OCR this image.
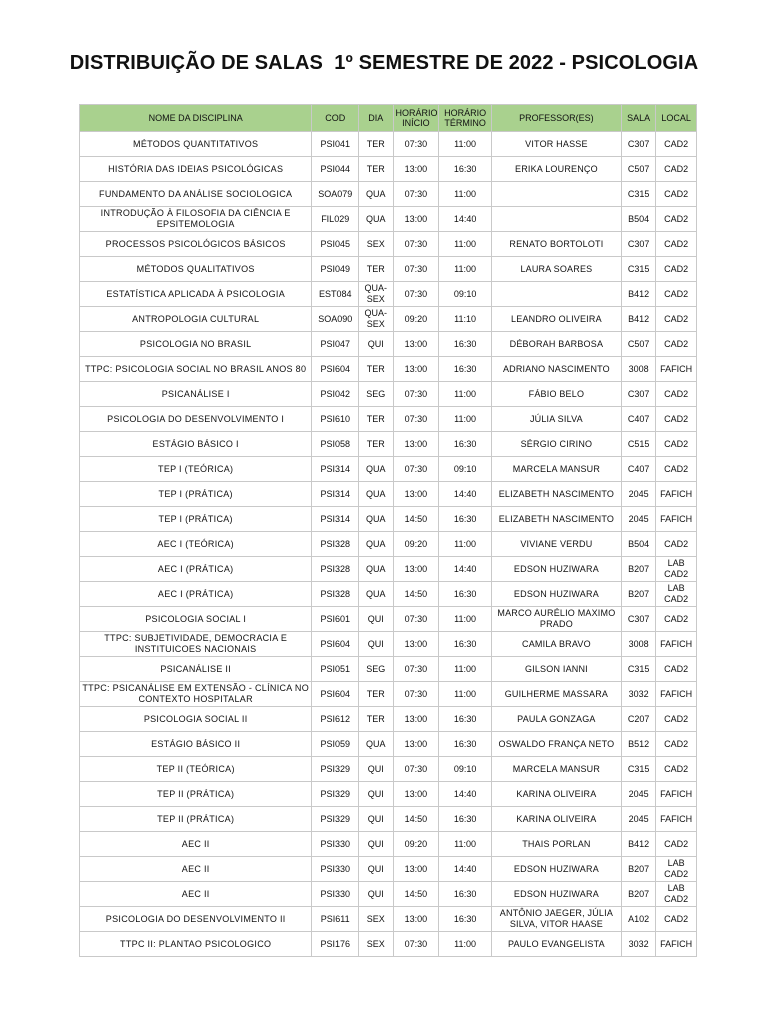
DISTRIBUIÇÃO DE SALAS  1º SEMESTRE DE 2022 - PSICOLOGIA
NOME DA DISCIPLINA	COD	DIA	HORÁRIO INÍCIO	HORÁRIO TÉRMINO	PROFESSOR(ES)	SALA	LOCAL
MÉTODOS QUANTITATIVOS	PSI041	TER	07:30	11:00	VITOR HASSE	C307	CAD2
HISTÓRIA DAS IDEIAS PSICOLÓGICAS	PSI044	TER	13:00	16:30	ERIKA LOURENÇO	C507	CAD2
FUNDAMENTO DA ANÁLISE SOCIOLOGICA	SOA079	QUA	07:30	11:00		C315	CAD2
INTRODUÇÃO À FILOSOFIA DA CIÊNCIA E EPSITEMOLOGIA	FIL029	QUA	13:00	14:40		B504	CAD2
PROCESSOS PSICOLÓGICOS BÁSICOS	PSI045	SEX	07:30	11:00	RENATO BORTOLOTI	C307	CAD2
MÉTODOS QUALITATIVOS	PSI049	TER	07:30	11:00	LAURA SOARES	C315	CAD2
ESTATÍSTICA APLICADA À PSICOLOGIA	EST084	QUA-SEX	07:30	09:10		B412	CAD2
ANTROPOLOGIA CULTURAL	SOA090	QUA-SEX	09:20	11:10	LEANDRO OLIVEIRA	B412	CAD2
PSICOLOGIA NO BRASIL	PSI047	QUI	13:00	16:30	DÉBORAH BARBOSA	C507	CAD2
TTPC: PSICOLOGIA SOCIAL NO BRASIL ANOS 80	PSI604	TER	13:00	16:30	ADRIANO NASCIMENTO	3008	FAFICH
PSICANÁLISE I	PSI042	SEG	07:30	11:00	FÁBIO BELO	C307	CAD2
PSICOLOGIA DO DESENVOLVIMENTO I	PSI610	TER	07:30	11:00	JÚLIA SILVA	C407	CAD2
ESTÁGIO BÁSICO I	PSI058	TER	13:00	16:30	SÉRGIO CIRINO	C515	CAD2
TEP I (TEÓRICA)	PSI314	QUA	07:30	09:10	MARCELA MANSUR	C407	CAD2
TEP I (PRÁTICA)	PSI314	QUA	13:00	14:40	ELIZABETH NASCIMENTO	2045	FAFICH
TEP I (PRÁTICA)	PSI314	QUA	14:50	16:30	ELIZABETH NASCIMENTO	2045	FAFICH
AEC I (TEÓRICA)	PSI328	QUA	09:20	11:00	VIVIANE VERDU	B504	CAD2
AEC I (PRÁTICA)	PSI328	QUA	13:00	14:40	EDSON HUZIWARA	B207	LAB CAD2
AEC I (PRÁTICA)	PSI328	QUA	14:50	16:30	EDSON HUZIWARA	B207	LAB CAD2
PSICOLOGIA SOCIAL I	PSI601	QUI	07:30	11:00	MARCO AURÉLIO MAXIMO PRADO	C307	CAD2
TTPC: SUBJETIVIDADE, DEMOCRACIA E INSTITUICOES NACIONAIS	PSI604	QUI	13:00	16:30	CAMILA BRAVO	3008	FAFICH
PSICANÁLISE II	PSI051	SEG	07:30	11:00	GILSON IANNI	C315	CAD2
TTPC: PSICANÁLISE EM EXTENSÃO - CLÍNICA NO CONTEXTO HOSPITALAR	PSI604	TER	07:30	11:00	GUILHERME MASSARA	3032	FAFICH
PSICOLOGIA SOCIAL II	PSI612	TER	13:00	16:30	PAULA GONZAGA	C207	CAD2
ESTÁGIO BÁSICO II	PSI059	QUA	13:00	16:30	OSWALDO FRANÇA NETO	B512	CAD2
TEP II (TEÓRICA)	PSI329	QUI	07:30	09:10	MARCELA MANSUR	C315	CAD2
TEP II (PRÁTICA)	PSI329	QUI	13:00	14:40	KARINA OLIVEIRA	2045	FAFICH
TEP II (PRÁTICA)	PSI329	QUI	14:50	16:30	KARINA OLIVEIRA	2045	FAFICH
AEC II	PSI330	QUI	09:20	11:00	THAIS PORLAN	B412	CAD2
AEC II	PSI330	QUI	13:00	14:40	EDSON HUZIWARA	B207	LAB CAD2
AEC II	PSI330	QUI	14:50	16:30	EDSON HUZIWARA	B207	LAB CAD2
PSICOLOGIA DO DESENVOLVIMENTO II	PSI611	SEX	13:00	16:30	ANTÔNIO JAEGER, JÚLIA SILVA, VITOR HAASE	A102	CAD2
TTPC II: PLANTAO PSICOLOGICO	PSI176	SEX	07:30	11:00	PAULO EVANGELISTA	3032	FAFICH
